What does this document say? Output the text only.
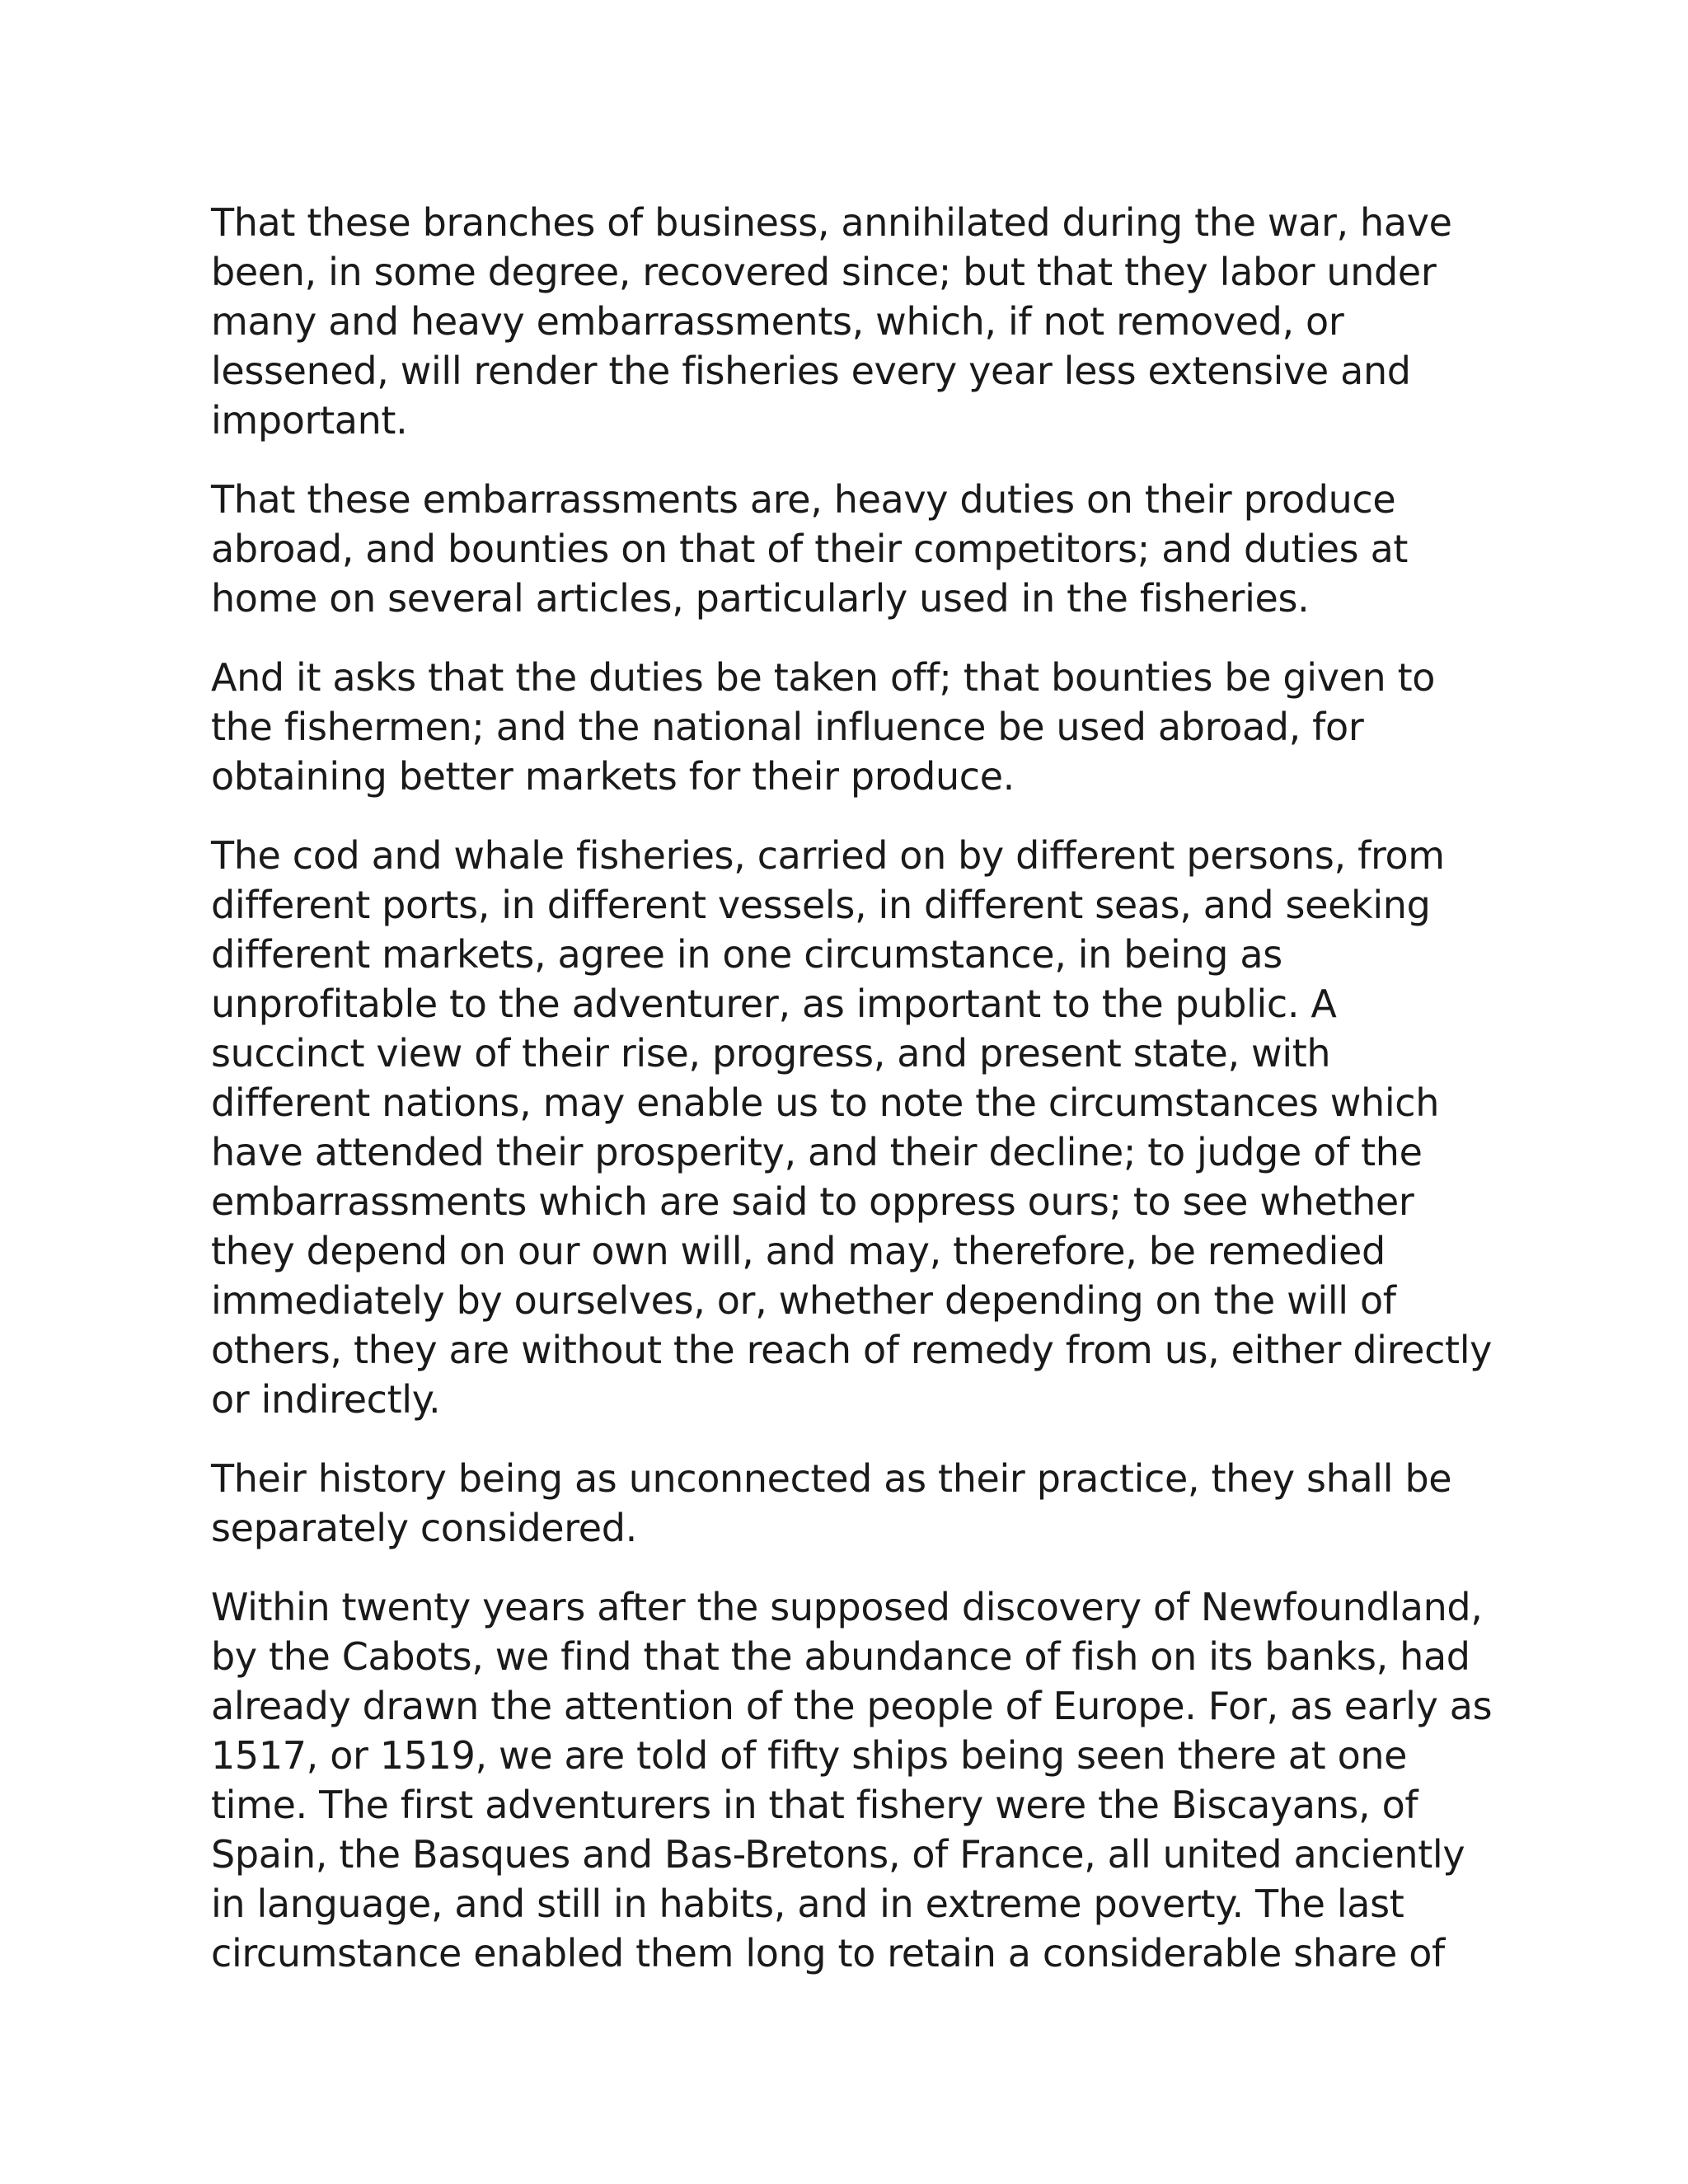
That these branches of business, annihilated during the war, have been, in some degree, recovered since; but that they labor under many and heavy embarrassments, which, if not removed, or lessened, will render the fisheries every year less extensive and important.

That these embarrassments are, heavy duties on their produce abroad, and bounties on that of their competitors; and duties at home on several articles, particularly used in the fisheries.

And it asks that the duties be taken off; that bounties be given to the fishermen; and the national influence be used abroad, for obtaining better markets for their produce.

The cod and whale fisheries, carried on by different persons, from different ports, in different vessels, in different seas, and seeking different markets, agree in one circumstance, in being as unprofitable to the adventurer, as important to the public. A succinct view of their rise, progress, and present state, with different nations, may enable us to note the circumstances which have attended their prosperity, and their decline; to judge of the embarrassments which are said to oppress ours; to see whether they depend on our own will, and may, therefore, be remedied immediately by ourselves, or, whether depending on the will of others, they are without the reach of remedy from us, either directly or indirectly.

Their history being as unconnected as their practice, they shall be separately considered.

Within twenty years after the supposed discovery of Newfoundland, by the Cabots, we find that the abundance of fish on its banks, had already drawn the attention of the people of Europe. For, as early as 1517, or 1519, we are told of fifty ships being seen there at one time. The first adventurers in that fishery were the Biscayans, of Spain, the Basques and Bas-Bretons, of France, all united anciently in language, and still in habits, and in extreme poverty. The last circumstance enabled them long to retain a considerable share of
